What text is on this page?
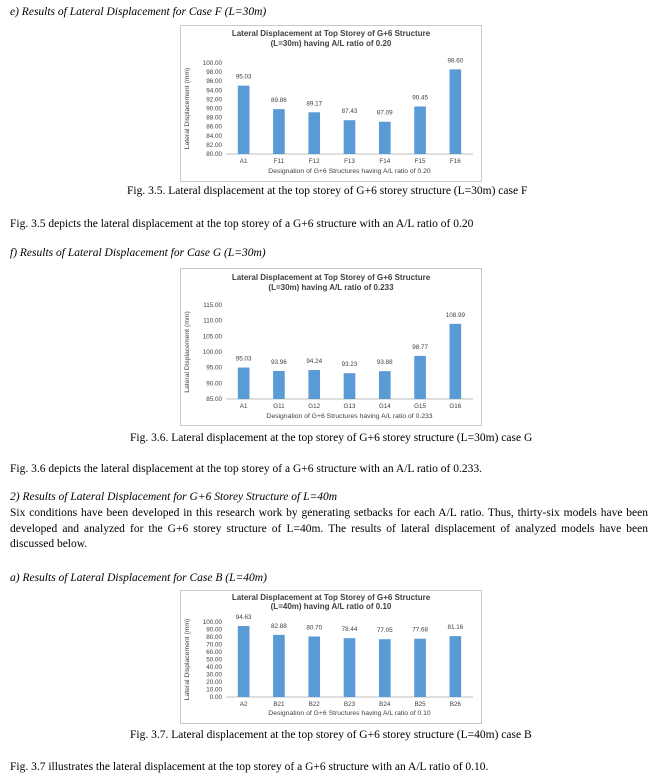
e) Results of Lateral Displacement for Case F (L=30m)
Lateral Displacement at Top Storey of G+6 Structure
(L=30m) having A/L ratio of 0.20
100.00
98.00
96.00
94.00
92.00
90.00
88.00
86.00
84.00
82.00
80.00
95.03
A1
89.86
F11
89.17
F12
87.43
F13
87.09
F14
90.45
F15
98.60
F16
Designation of G+6 Structures having A/L ratio of 0.20
Lateral Displacement (mm)
Fig. 3.5. Lateral displacement at the top storey of G+6 storey structure (L=30m) case F
Fig. 3.5 depicts the lateral displacement at the top storey of a G+6 structure with an A/L ratio of 0.20
f) Results of Lateral Displacement for Case G (L=30m)
Lateral Displacement at Top Storey of G+6 Structure
(L=30m) having A/L ratio of 0.233
115.00
110.00
105.00
100.00
95.00
90.00
85.00
95.03
A1
93.96
G11
94.24
G12
93.23
G13
93.88
G14
98.77
G15
108.99
G16
Designation of G+6 Structures having A/L ratio of 0.233
Lateral Displacement (mm)
Fig. 3.6. Lateral displacement at the top storey of G+6 storey structure (L=30m) case G
Fig. 3.6 depicts the lateral displacement at the top storey of a G+6 structure with an A/L ratio of 0.233.
2) Results of Lateral Displacement for G+6 Storey Structure of L=40m
Six conditions have been developed in this research work by generating setbacks for each A/L ratio. Thus, thirty-six models have been developed and analyzed for the G+6 storey structure of L=40m. The results of lateral displacement of analyzed models have been discussed below.
a) Results of Lateral Displacement for Case B (L=40m)
Lateral Displacement at Top Storey of G+6 Structure
(L=40m) having A/L ratio of 0.10
100.00
90.00
80.00
70.00
60.00
50.00
40.00
30.00
20.00
10.00
0.00
94.63
A2
82.88
B21
80.70
B22
78.44
B23
77.05
B24
77.68
B25
81.16
B26
Designation of G+6 Structures having A/L ratio of 0.10
Lateral Displacement (mm)
Fig. 3.7. Lateral displacement at the top storey of G+6 storey structure (L=40m) case B
Fig. 3.7 illustrates the lateral displacement at the top storey of a G+6 structure with an A/L ratio of 0.10.
